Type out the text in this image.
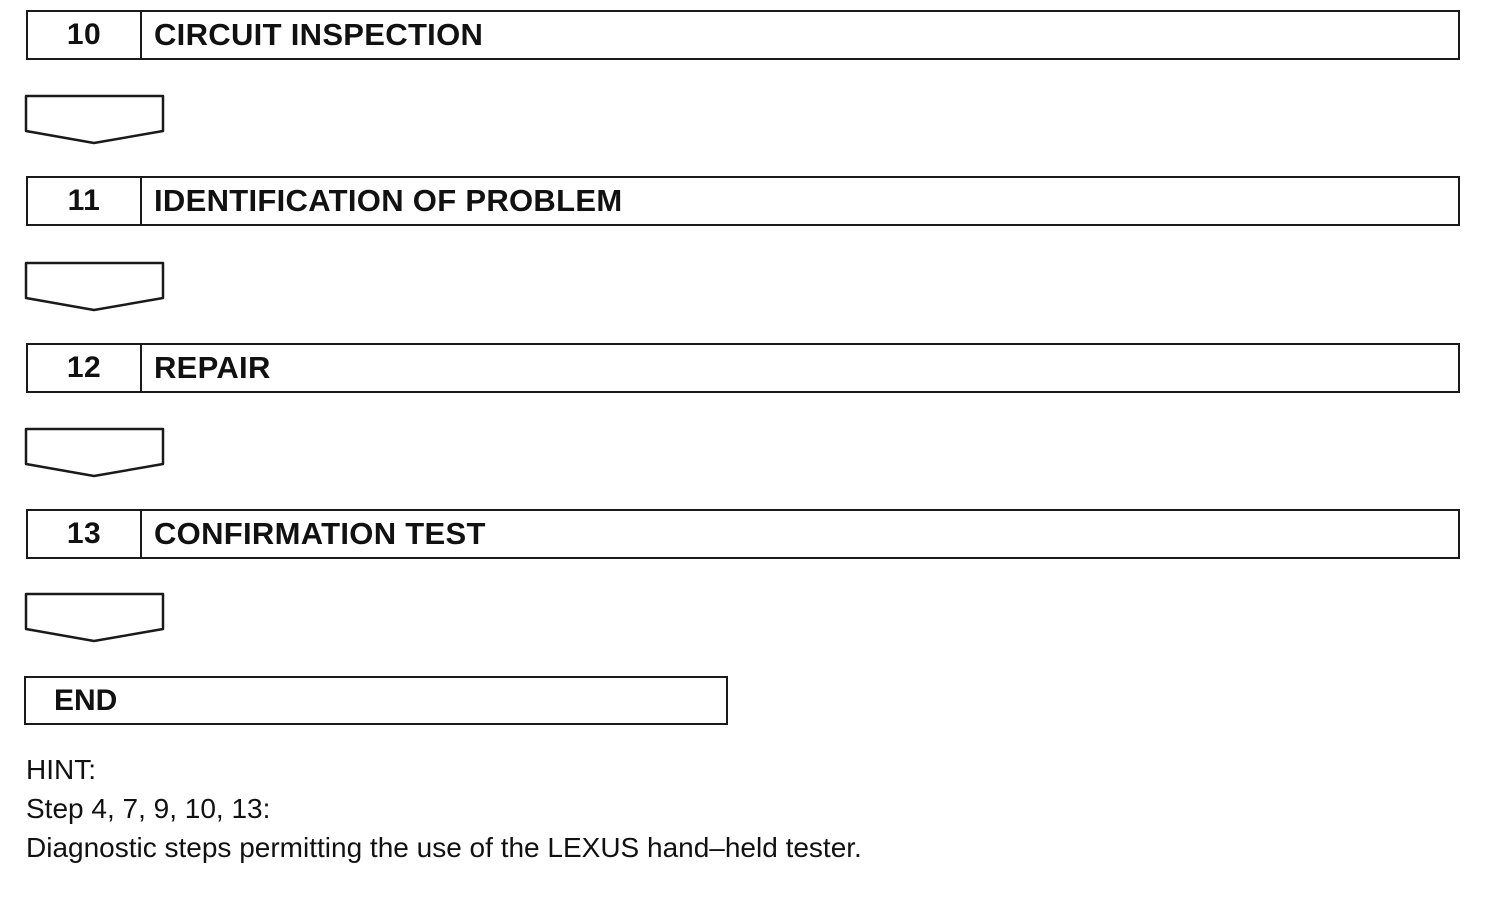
10	CIRCUIT INSPECTION
11	IDENTIFICATION OF PROBLEM
12	REPAIR
13	CONFIRMATION TEST
END
HINT:
Step 4, 7, 9, 10, 13:
Diagnostic steps permitting the use of the LEXUS hand–held tester.
